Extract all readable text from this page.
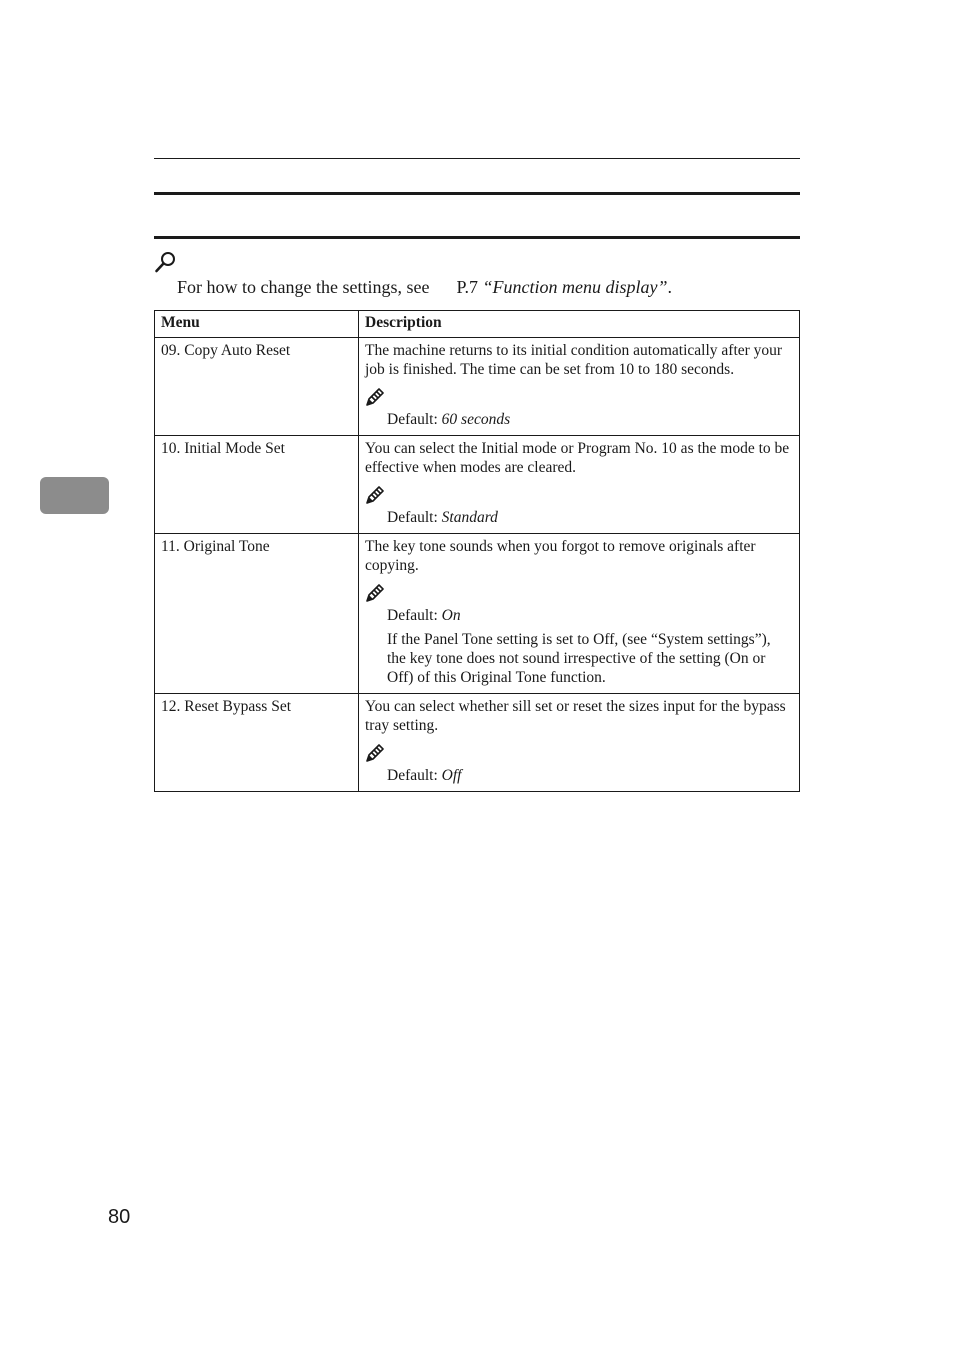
For how to change the settings, see P.7 “Function menu display”.
Menu	Description
09. Copy Auto Reset	The machine returns to its initial condition automatically after your job is finished. The time can be set from 10 to 180 seconds.

Default: 60 seconds

10. Initial Mode Set	You can select the Initial mode or Program No. 10 as the mode to be effective when modes are cleared.

Default: Standard

11. Original Tone	The key tone sounds when you forgot to remove originals after copying.

Default: On

If the Panel Tone setting is set to Off, (see “System settings”), the key tone does not sound irrespective of the setting (On or Off) of this Original Tone function.

12. Reset Bypass Set	You can select whether sill set or reset the sizes input for the bypass tray setting.

Default: Off

80
